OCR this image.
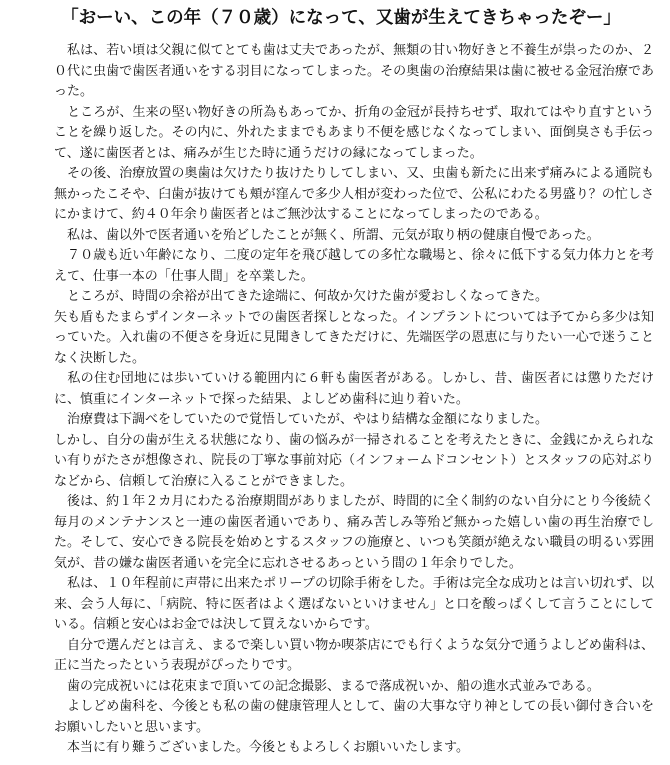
「おーい、この年（７０歳）になって、又歯が生えてきちゃったぞー」

　私は、若い頃は父親に似てとても歯は丈夫であったが、無類の甘い物好きと不養生が祟ったのか、２０代に虫歯で歯医者通いをする羽目になってしまった。その奥歯の治療結果は歯に被せる金冠治療であった。

　ところが、生来の堅い物好きの所為もあってか、折角の金冠が長持ちせず、取れてはやり直すということを繰り返した。その内に、外れたままでもあまり不便を感じなくなってしまい、面倒臭さも手伝って、遂に歯医者とは、痛みが生じた時に通うだけの縁になってしまった。

　その後、治療放置の奥歯は欠けたり抜けたりしてしまい、又、虫歯も新たに出来ず痛みによる通院も無かったこそや、臼歯が抜けても頬が窪んで多少人相が変わった位で、公私にわたる男盛り？の忙しさにかまけて、約４０年余り歯医者とはご無沙汰することになってしまったのである。

　私は、歯以外で医者通いを殆どしたことが無く、所謂、元気が取り柄の健康自慢であった。

　７０歳も近い年齢になり、二度の定年を飛び越しての多忙な職場と、徐々に低下する気力体力とを考えて、仕事一本の「仕事人間」を卒業した。

　ところが、時間の余裕が出てきた途端に、何故か欠けた歯が愛おしくなってきた。

矢も盾もたまらずインターネットでの歯医者探しとなった。インプラントについては予てから多少は知っていた。入れ歯の不便さを身近に見聞きしてきただけに、先端医学の恩恵に与りたい一心で迷うことなく決断した。

　私の住む団地には歩いていける範囲内に６軒も歯医者がある。しかし、昔、歯医者には懲りただけに、慎重にインターネットで探った結果、よしどめ歯科に辿り着いた。

　治療費は下調べをしていたので覚悟していたが、やはり結構な金額になりました。

しかし、自分の歯が生える状態になり、歯の悩みが一掃されることを考えたときに、金銭にかえられない有りがたさが想像され、院長の丁寧な事前対応（インフォームドコンセント）とスタッフの応対ぶりなどから、信頼して治療に入ることができました。

　後は、約１年２カ月にわたる治療期間がありましたが、時間的に全く制約のない自分にとり今後続く毎月のメンテナンスと一連の歯医者通いであり、痛み苦しみ等殆ど無かった嬉しい歯の再生治療でした。そして、安心できる院長を始めとするスタッフの施療と、いつも笑顔が絶えない職員の明るい雰囲気が、昔の嫌な歯医者通いを完全に忘れさせるあっという間の１年余りでした。

　私は、１０年程前に声帯に出来たポリープの切除手術をした。手術は完全な成功とは言い切れず、以来、会う人毎に、「病院、特に医者はよく選ばないといけません」と口を酸っぱくして言うことにしている。信頼と安心はお金では決して買えないからです。

　自分で選んだとは言え、まるで楽しい買い物か喫茶店にでも行くような気分で通うよしどめ歯科は、正に当たったという表現がぴったりです。

　歯の完成祝いには花束まで頂いての記念撮影、まるで落成祝いか、船の進水式並みである。

　よしどめ歯科を、今後とも私の歯の健康管理人として、歯の大事な守り神としての長い御付き合いをお願いしたいと思います。

　本当に有り難うございました。今後ともよろしくお願いいたします。
